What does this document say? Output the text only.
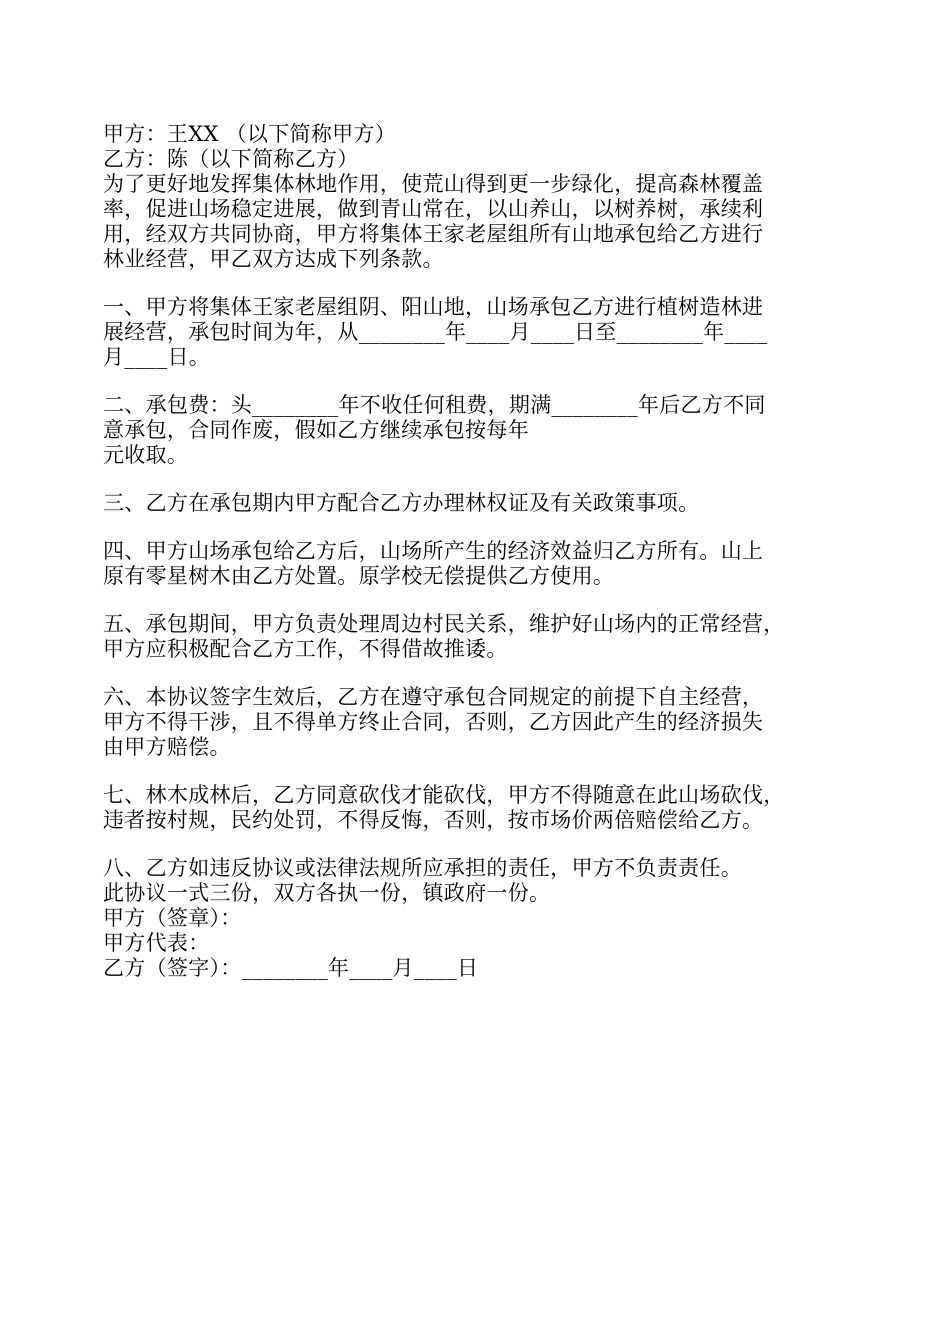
甲方：王XX （以下简称甲方）
乙方：陈（以下简称乙方）
为了更好地发挥集体林地作用，使荒山得到更一步绿化，提高森林覆盖
率，促进山场稳定进展，做到青山常在，以山养山，以树养树，承续利
用，经双方共同协商，甲方将集体王家老屋组所有山地承包给乙方进行
林业经营，甲乙双方达成下列条款。
一、甲方将集体王家老屋组阴、阳山地，山场承包乙方进行植树造林进
展经营，承包时间为年，从________年____月____日至________年____
月____日。
二、承包费：头________年不收任何租费，期满________年后乙方不同
意承包，合同作废，假如乙方继续承包按每年
元收取。
三、乙方在承包期内甲方配合乙方办理林权证及有关政策事项。
四、甲方山场承包给乙方后，山场所产生的经济效益归乙方所有。山上
原有零星树木由乙方处置。原学校无偿提供乙方使用。
五、承包期间，甲方负责处理周边村民关系，维护好山场内的正常经营，
甲方应积极配合乙方工作，不得借故推诿。
六、本协议签字生效后，乙方在遵守承包合同规定的前提下自主经营，
甲方不得干涉，且不得单方终止合同，否则，乙方因此产生的经济损失
由甲方赔偿。
七、林木成林后，乙方同意砍伐才能砍伐，甲方不得随意在此山场砍伐，
违者按村规，民约处罚，不得反悔，否则，按市场价两倍赔偿给乙方。
八、乙方如违反协议或法律法规所应承担的责任，甲方不负责责任。
此协议一式三份，双方各执一份，镇政府一份。
甲方（签章）：
甲方代表：
乙方（签字）：________年____月____日
